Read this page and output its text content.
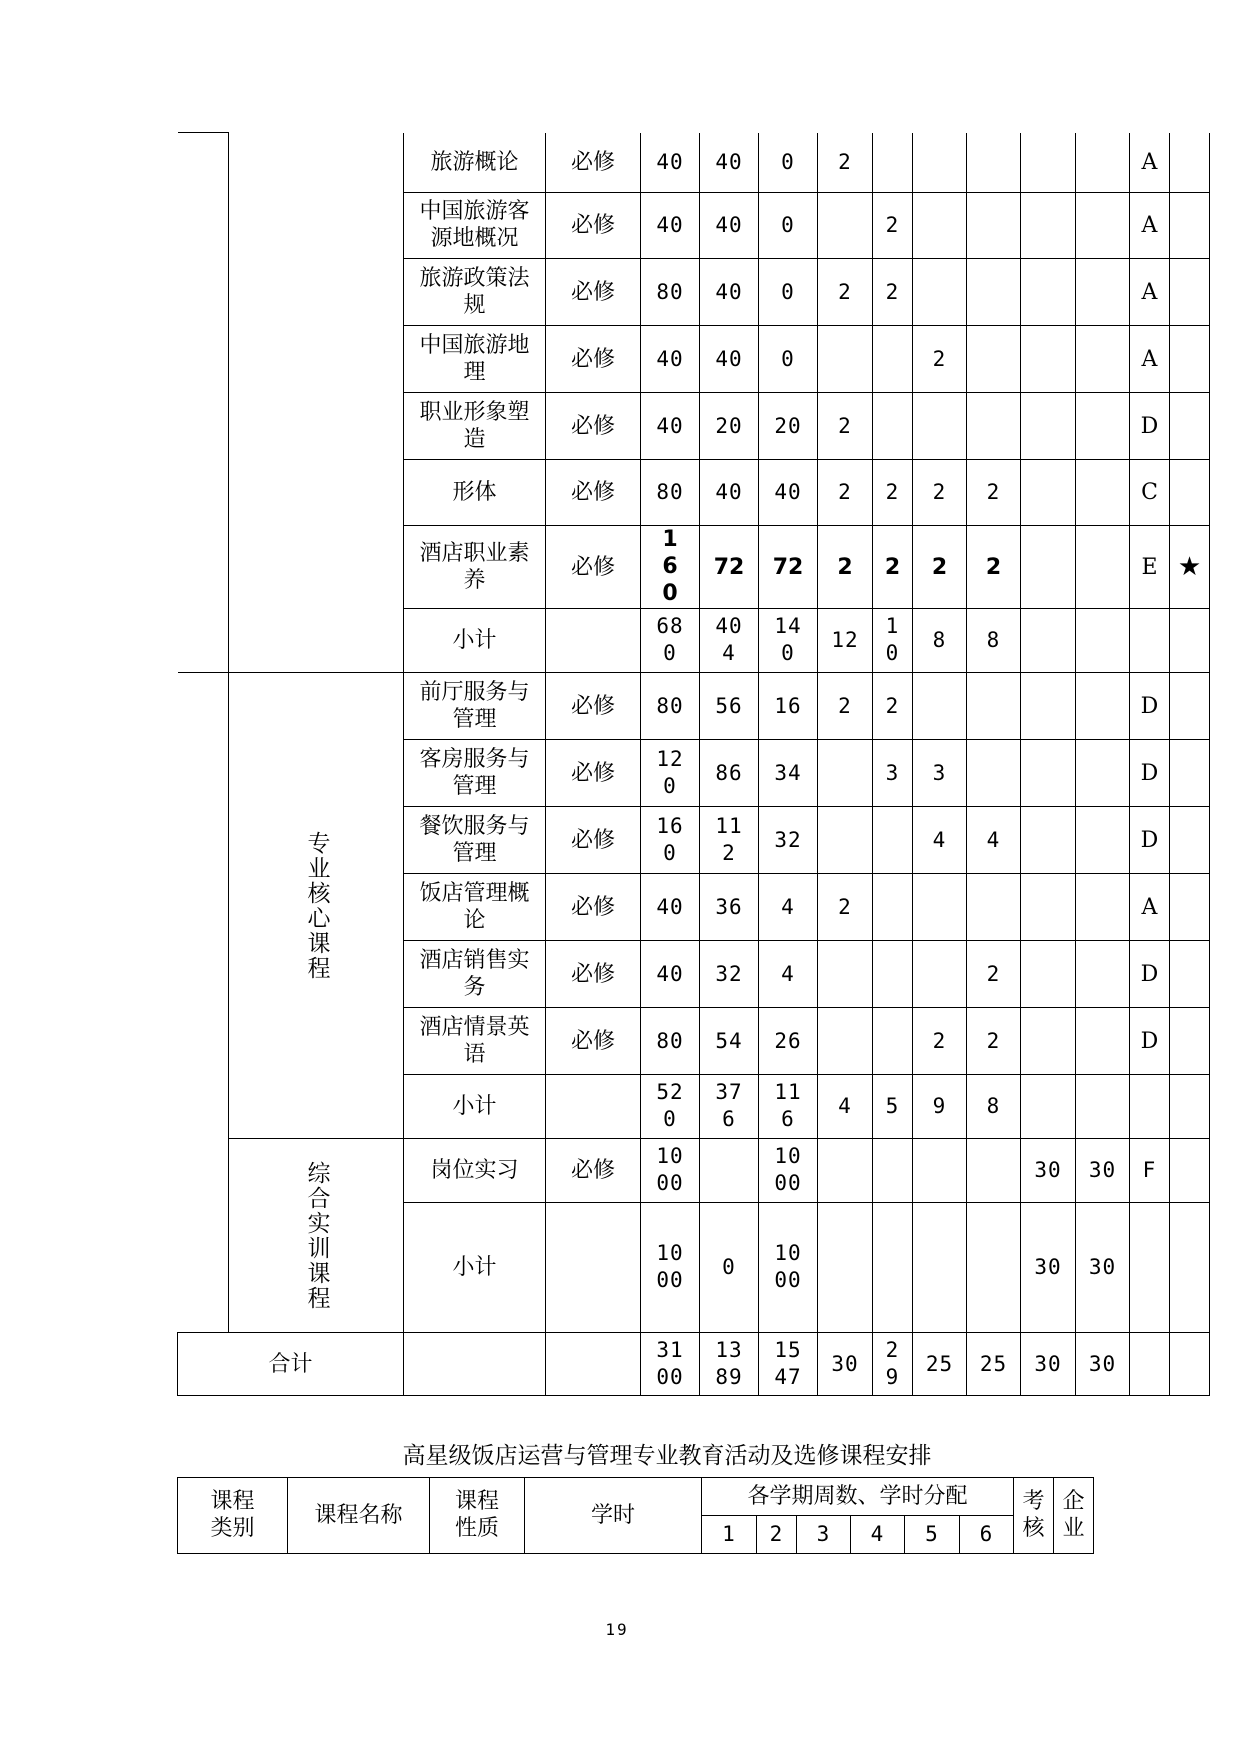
		旅游概论	必修	40	40	0	2						A	
		中国旅游客源地概况	必修	40	40	0		2					A	
		旅游政策法规	必修	80	40	0	2	2					A	
		中国旅游地理	必修	40	40	0			2				A	
		职业形象塑造	必修	40	20	20	2						D	
		形体	必修	80	40	40	2	2	2	2			C	
		酒店职业素养	必修	160	72	72	2	2	2	2			E	★
		小计		680	404	140	12	10	8	8				
	专业核心课程	前厅服务与管理	必修	80	56	16	2	2					D	
		客房服务与管理	必修	120	86	34		3	3				D	
		餐饮服务与管理	必修	160	112	32			4	4			D	
		饭店管理概论	必修	40	36	4	2						A	
		酒店销售实务	必修	40	32	4				2			D	
		酒店情景英语	必修	80	54	26			2	2			D	
		小计		520	376	116	4	5	9	8				
	综合实训课程	岗位实习	必修	1000		1000					30	30	F	
		小计		1000	0	1000					30	30		
合计				3100	1389	1547	30	29	25	25	30	30		
高星级饭店运营与管理专业教育活动及选修课程安排
课程类别	课程名称	课程性质	学时	各学期周数、学时分配						考核	企业
				1	2	3	4	5	6		
19
